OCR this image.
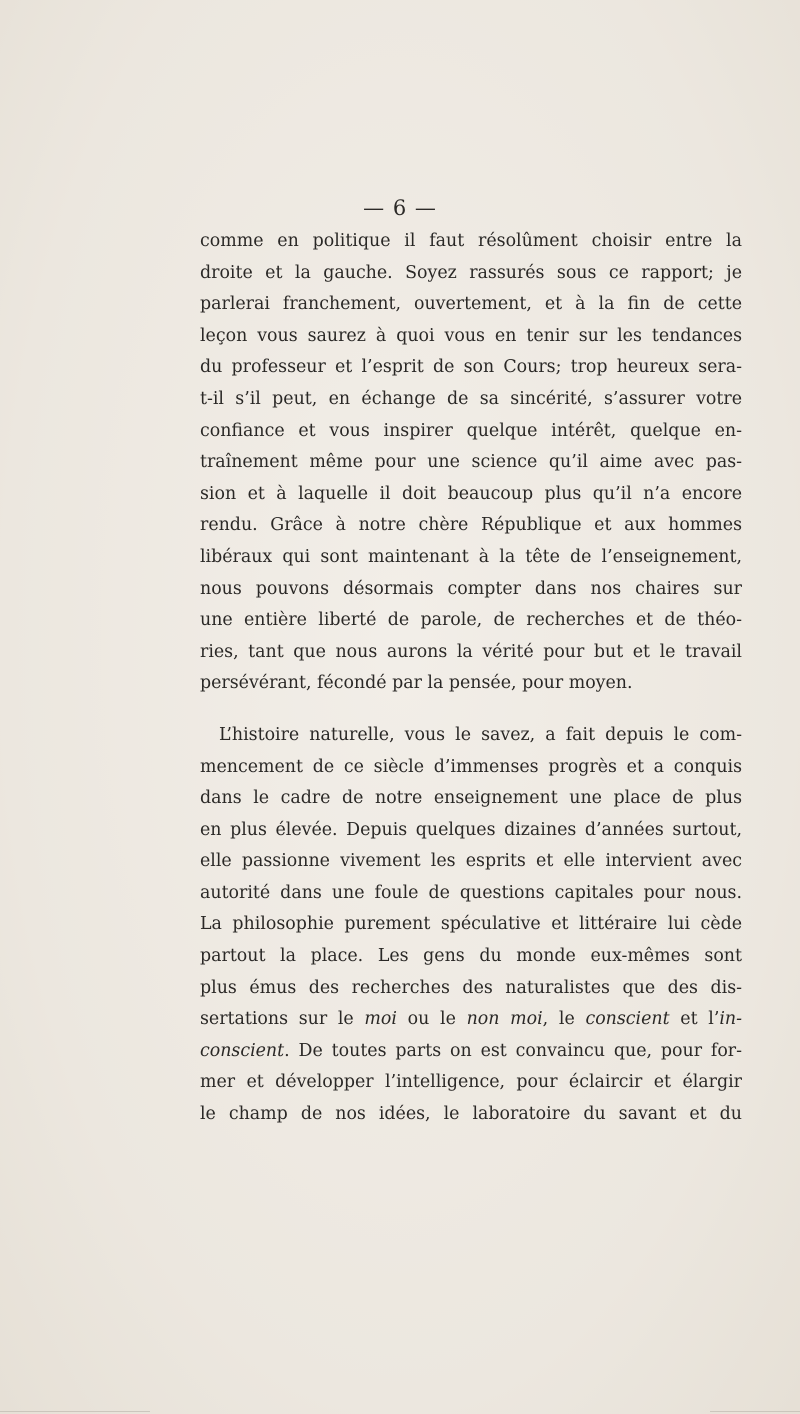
— 6 —
comme en politique il faut résolûment choisir entre la
droite et la gauche. Soyez rassurés sous ce rapport; je
parlerai franchement, ouvertement, et à la fin de cette
leçon vous saurez à quoi vous en tenir sur les tendances
du professeur et l’esprit de son Cours; trop heureux sera-
t-il s’il peut, en échange de sa sincérité, s’assurer votre
confiance et vous inspirer quelque intérêt, quelque en-
traînement même pour une science qu’il aime avec pas-
sion et à laquelle il doit beaucoup plus qu’il n’a encore
rendu. Grâce à notre chère République et aux hommes
libéraux qui sont maintenant à la tête de l’enseignement,
nous pouvons désormais compter dans nos chaires sur
une entière liberté de parole, de recherches et de théo-
ries, tant que nous aurons la vérité pour but et le travail
persévérant, fécondé par la pensée, pour moyen.
L’histoire naturelle, vous le savez, a fait depuis le com-
mencement de ce siècle d’immenses progrès et a conquis
dans le cadre de notre enseignement une place de plus
en plus élevée. Depuis quelques dizaines d’années surtout,
elle passionne vivement les esprits et elle intervient avec
autorité dans une foule de questions capitales pour nous.
La philosophie purement spéculative et littéraire lui cède
partout la place. Les gens du monde eux-mêmes sont
plus émus des recherches des naturalistes que des dis-
sertations sur le moi ou le non moi, le conscient et l’in-
conscient. De toutes parts on est convaincu que, pour for-
mer et développer l’intelligence, pour éclaircir et élargir
le champ de nos idées, le laboratoire du savant et du
